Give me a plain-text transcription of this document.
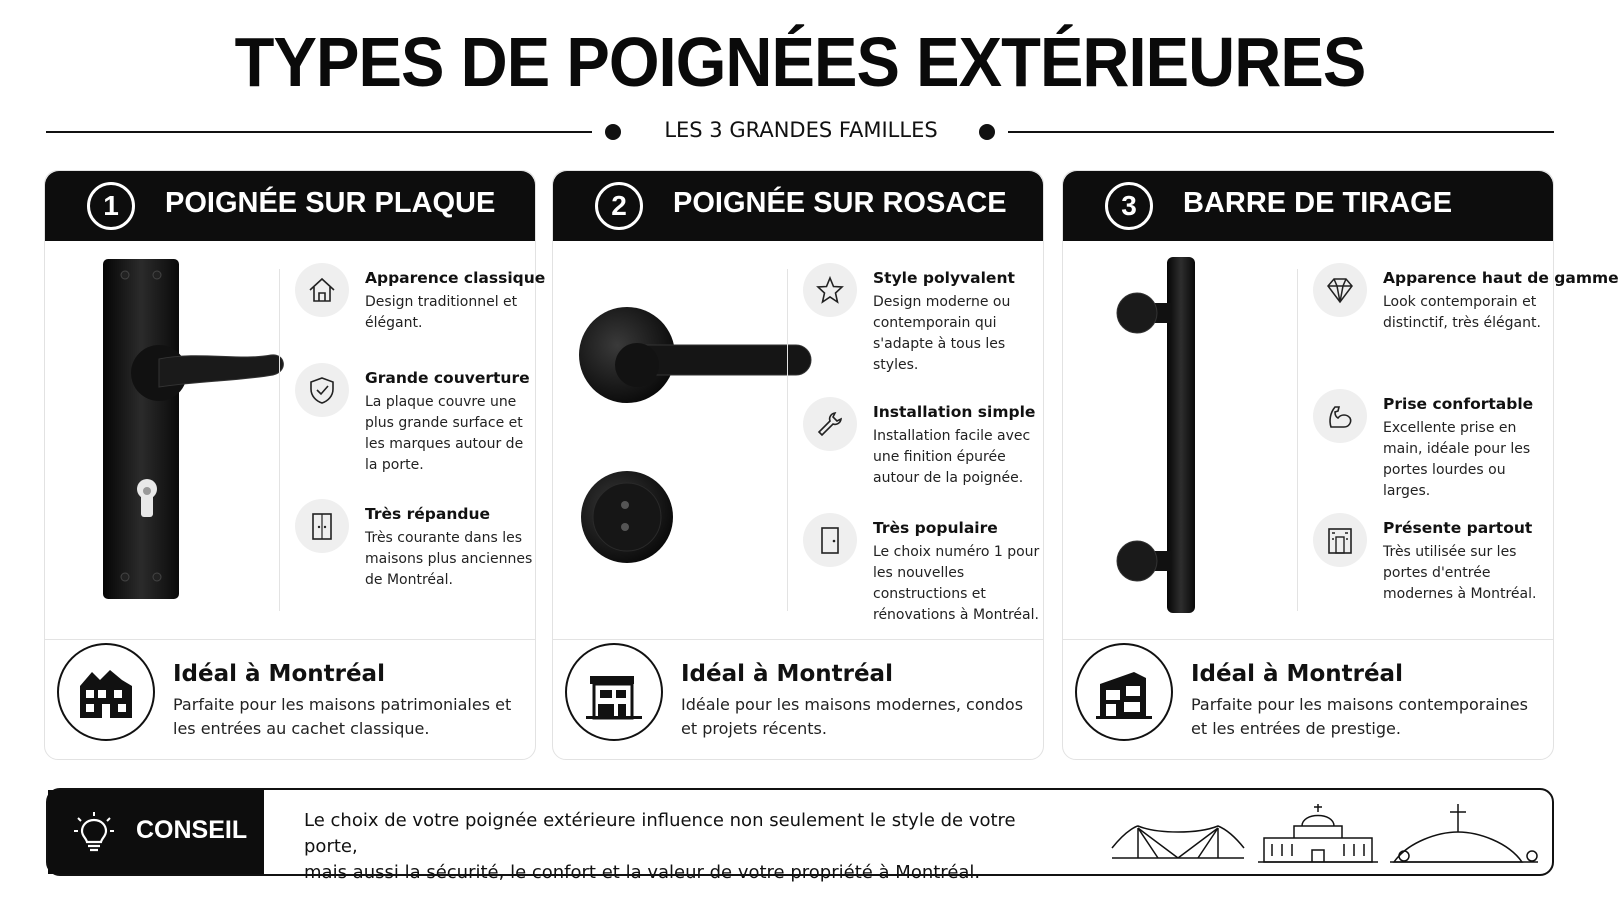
TYPES DE POIGNÉES EXTÉRIEURES
LES 3 GRANDES FAMILLES
1	POIGNÉE SUR PLAQUE
Apparence classique
Design traditionnel et élégant.
Grande couverture
La plaque couvre une plus grande surface et les marques autour de la porte.
Très répandue
Très courante dans les maisons plus anciennes de Montréal.
Idéal à Montréal
Parfaite pour les maisons patrimoniales et les entrées au cachet classique.
2	POIGNÉE SUR ROSACE
Style polyvalent
Design moderne ou contemporain qui s'adapte à tous les styles.
Installation simple
Installation facile avec une finition épurée autour de la poignée.
Très populaire
Le choix numéro 1 pour les nouvelles constructions et rénovations à Montréal.
Idéal à Montréal
Idéale pour les maisons modernes, condos et projets récents.
3	BARRE DE TIRAGE
Apparence haut de gamme
Look contemporain et distinctif, très élégant.
Prise confortable
Excellente prise en main, idéale pour les portes lourdes ou larges.
Présente partout
Très utilisée sur les portes d'entrée modernes à Montréal.
Idéal à Montréal
Parfaite pour les maisons contemporaines et les entrées de prestige.
CONSEIL	Le choix de votre poignée extérieure influence non seulement le style de votre porte,
mais aussi la sécurité, le confort et la valeur de votre propriété à Montréal.
